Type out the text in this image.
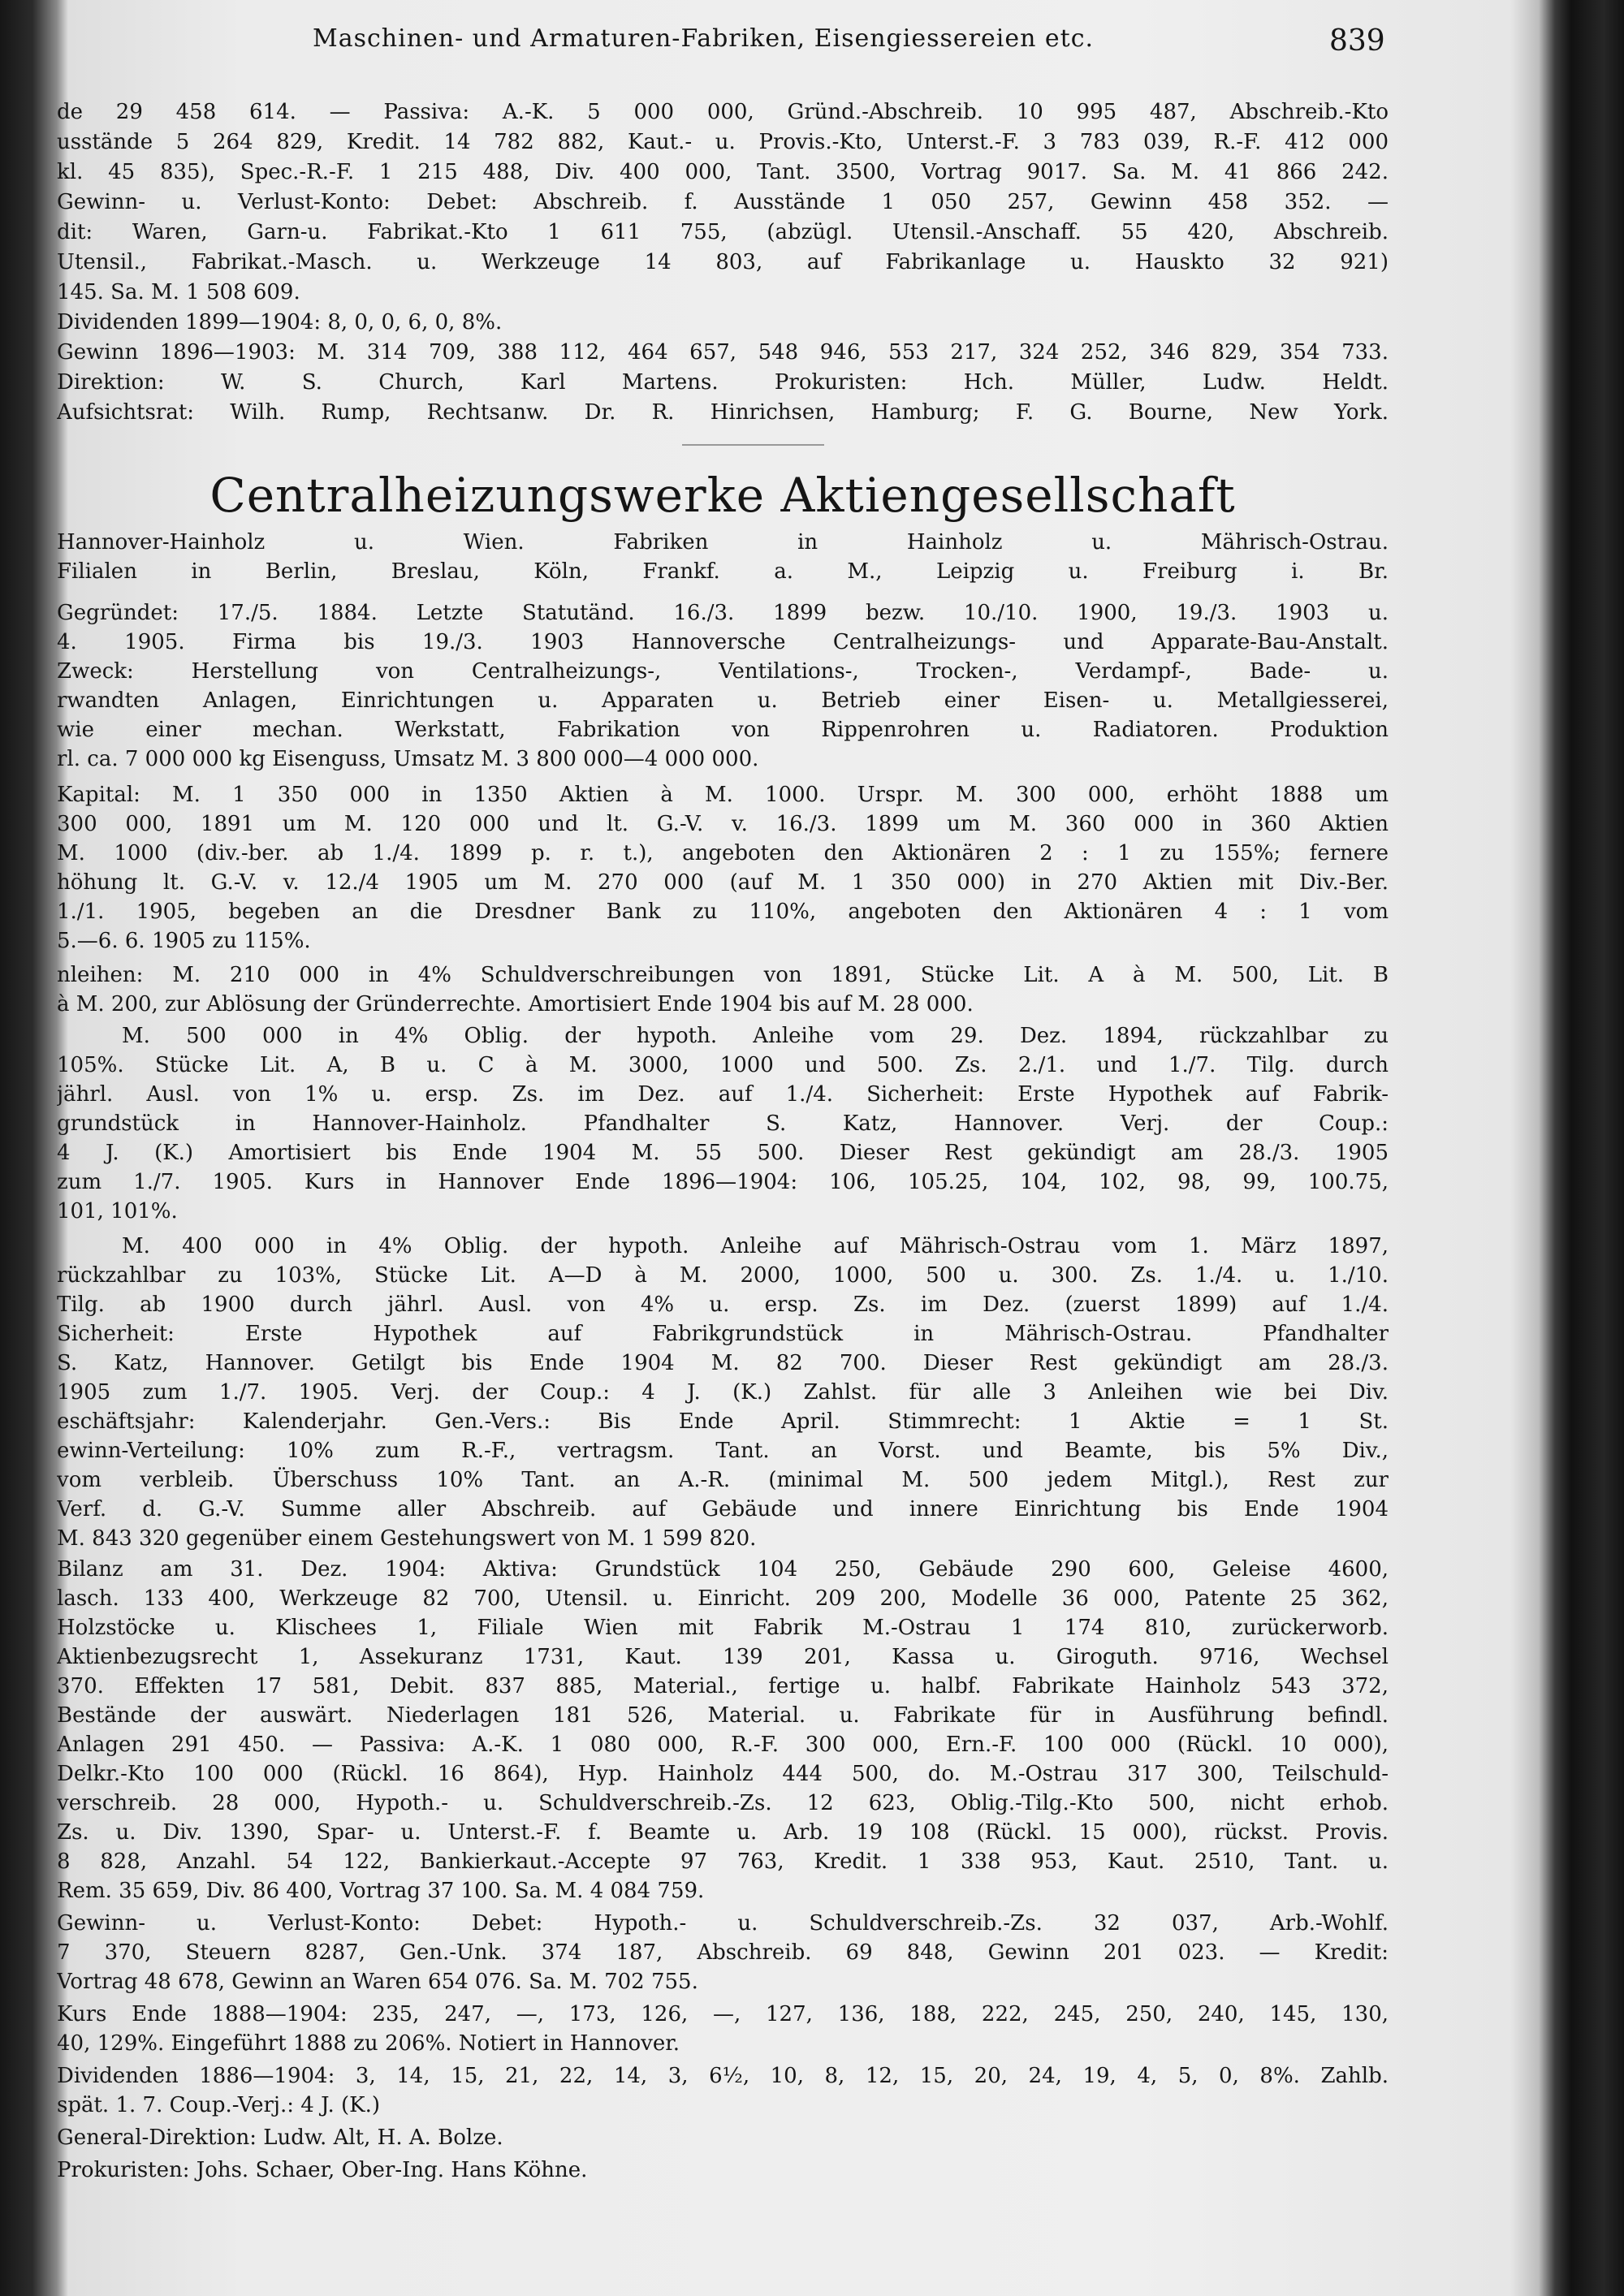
Maschinen- und Armaturen-Fabriken, Eisengiessereien etc.	839
de 29 458 614. — Passiva: A.-K. 5 000 000, Gründ.-Abschreib. 10 995 487, Abschreib.-Kto
usstände 5 264 829, Kredit. 14 782 882, Kaut.- u. Provis.-Kto, Unterst.-F. 3 783 039, R.-F. 412 000
kl. 45 835), Spec.-R.-F. 1 215 488, Div. 400 000, Tant. 3500, Vortrag 9017. Sa. M. 41 866 242.
Gewinn- u. Verlust-Konto: Debet: Abschreib. f. Ausstände 1 050 257, Gewinn 458 352. —
dit: Waren, Garn-u. Fabrikat.-Kto 1 611 755, (abzügl. Utensil.-Anschaff. 55 420, Abschreib.
Utensil., Fabrikat.-Masch. u. Werkzeuge 14 803, auf Fabrikanlage u. Hauskto 32 921)
145. Sa. M. 1 508 609.
Dividenden 1899—1904: 8, 0, 0, 6, 0, 8%.
Gewinn 1896—1903: M. 314 709, 388 112, 464 657, 548 946, 553 217, 324 252, 346 829, 354 733.
Direktion: W. S. Church, Karl Martens. Prokuristen: Hch. Müller, Ludw. Heldt.
Aufsichtsrat: Wilh. Rump, Rechtsanw. Dr. R. Hinrichsen, Hamburg; F. G. Bourne, New York.
Centralheizungswerke Aktiengesellschaft
Hannover-Hainholz u. Wien. Fabriken in Hainholz u. Mährisch-Ostrau.
Filialen in Berlin, Breslau, Köln, Frankf. a. M., Leipzig u. Freiburg i. Br.
Gegründet: 17./5. 1884. Letzte Statutänd. 16./3. 1899 bezw. 10./10. 1900, 19./3. 1903 u.
4. 1905. Firma bis 19./3. 1903 Hannoversche Centralheizungs- und Apparate-Bau-Anstalt.
Zweck: Herstellung von Centralheizungs-, Ventilations-, Trocken-, Verdampf-, Bade- u.
rwandten Anlagen, Einrichtungen u. Apparaten u. Betrieb einer Eisen- u. Metallgiesserei,
wie einer mechan. Werkstatt, Fabrikation von Rippenrohren u. Radiatoren. Produktion
rl. ca. 7 000 000 kg Eisenguss, Umsatz M. 3 800 000—4 000 000.
Kapital: M. 1 350 000 in 1350 Aktien à M. 1000. Urspr. M. 300 000, erhöht 1888 um
300 000, 1891 um M. 120 000 und lt. G.-V. v. 16./3. 1899 um M. 360 000 in 360 Aktien
M. 1000 (div.-ber. ab 1./4. 1899 p. r. t.), angeboten den Aktionären 2 : 1 zu 155%; fernere
höhung lt. G.-V. v. 12./4 1905 um M. 270 000 (auf M. 1 350 000) in 270 Aktien mit Div.-Ber.
1./1. 1905, begeben an die Dresdner Bank zu 110%, angeboten den Aktionären 4 : 1 vom
5.—6. 6. 1905 zu 115%.
nleihen: M. 210 000 in 4% Schuldverschreibungen von 1891, Stücke Lit. A à M. 500, Lit. B
à M. 200, zur Ablösung der Gründerrechte. Amortisiert Ende 1904 bis auf M. 28 000.
M. 500 000 in 4% Oblig. der hypoth. Anleihe vom 29. Dez. 1894, rückzahlbar zu
105%. Stücke Lit. A, B u. C à M. 3000, 1000 und 500. Zs. 2./1. und 1./7. Tilg. durch
jährl. Ausl. von 1% u. ersp. Zs. im Dez. auf 1./4. Sicherheit: Erste Hypothek auf Fabrik-
grundstück in Hannover-Hainholz. Pfandhalter S. Katz, Hannover. Verj. der Coup.:
4 J. (K.) Amortisiert bis Ende 1904 M. 55 500. Dieser Rest gekündigt am 28./3. 1905
zum 1./7. 1905. Kurs in Hannover Ende 1896—1904: 106, 105.25, 104, 102, 98, 99, 100.75,
101, 101%.
M. 400 000 in 4% Oblig. der hypoth. Anleihe auf Mährisch-Ostrau vom 1. März 1897,
rückzahlbar zu 103%, Stücke Lit. A—D à M. 2000, 1000, 500 u. 300. Zs. 1./4. u. 1./10.
Tilg. ab 1900 durch jährl. Ausl. von 4% u. ersp. Zs. im Dez. (zuerst 1899) auf 1./4.
Sicherheit: Erste Hypothek auf Fabrikgrundstück in Mährisch-Ostrau. Pfandhalter
S. Katz, Hannover. Getilgt bis Ende 1904 M. 82 700. Dieser Rest gekündigt am 28./3.
1905 zum 1./7. 1905. Verj. der Coup.: 4 J. (K.) Zahlst. für alle 3 Anleihen wie bei Div.
eschäftsjahr: Kalenderjahr. Gen.-Vers.: Bis Ende April. Stimmrecht: 1 Aktie = 1 St.
ewinn-Verteilung: 10% zum R.-F., vertragsm. Tant. an Vorst. und Beamte, bis 5% Div.,
vom verbleib. Überschuss 10% Tant. an A.-R. (minimal M. 500 jedem Mitgl.), Rest zur
Verf. d. G.-V. Summe aller Abschreib. auf Gebäude und innere Einrichtung bis Ende 1904
M. 843 320 gegenüber einem Gestehungswert von M. 1 599 820.
Bilanz am 31. Dez. 1904: Aktiva: Grundstück 104 250, Gebäude 290 600, Geleise 4600,
lasch. 133 400, Werkzeuge 82 700, Utensil. u. Einricht. 209 200, Modelle 36 000, Patente 25 362,
Holzstöcke u. Klischees 1, Filiale Wien mit Fabrik M.-Ostrau 1 174 810, zurückerworb.
Aktienbezugsrecht 1, Assekuranz 1731, Kaut. 139 201, Kassa u. Giroguth. 9716, Wechsel
370. Effekten 17 581, Debit. 837 885, Material., fertige u. halbf. Fabrikate Hainholz 543 372,
Bestände der auswärt. Niederlagen 181 526, Material. u. Fabrikate für in Ausführung befindl.
Anlagen 291 450. — Passiva: A.-K. 1 080 000, R.-F. 300 000, Ern.-F. 100 000 (Rückl. 10 000),
Delkr.-Kto 100 000 (Rückl. 16 864), Hyp. Hainholz 444 500, do. M.-Ostrau 317 300, Teilschuld-
verschreib. 28 000, Hypoth.- u. Schuldverschreib.-Zs. 12 623, Oblig.-Tilg.-Kto 500, nicht erhob.
Zs. u. Div. 1390, Spar- u. Unterst.-F. f. Beamte u. Arb. 19 108 (Rückl. 15 000), rückst. Provis.
8 828, Anzahl. 54 122, Bankierkaut.-Accepte 97 763, Kredit. 1 338 953, Kaut. 2510, Tant. u.
Rem. 35 659, Div. 86 400, Vortrag 37 100. Sa. M. 4 084 759.
Gewinn- u. Verlust-Konto: Debet: Hypoth.- u. Schuldverschreib.-Zs. 32 037, Arb.-Wohlf.
7 370, Steuern 8287, Gen.-Unk. 374 187, Abschreib. 69 848, Gewinn 201 023. — Kredit:
Vortrag 48 678, Gewinn an Waren 654 076. Sa. M. 702 755.
Kurs Ende 1888—1904: 235, 247, —, 173, 126, —, 127, 136, 188, 222, 245, 250, 240, 145, 130,
40, 129%. Eingeführt 1888 zu 206%. Notiert in Hannover.
Dividenden 1886—1904: 3, 14, 15, 21, 22, 14, 3, 6½, 10, 8, 12, 15, 20, 24, 19, 4, 5, 0, 8%. Zahlb.
spät. 1. 7. Coup.-Verj.: 4 J. (K.)
General-Direktion: Ludw. Alt, H. A. Bolze.
Prokuristen: Johs. Schaer, Ober-Ing. Hans Köhne.
